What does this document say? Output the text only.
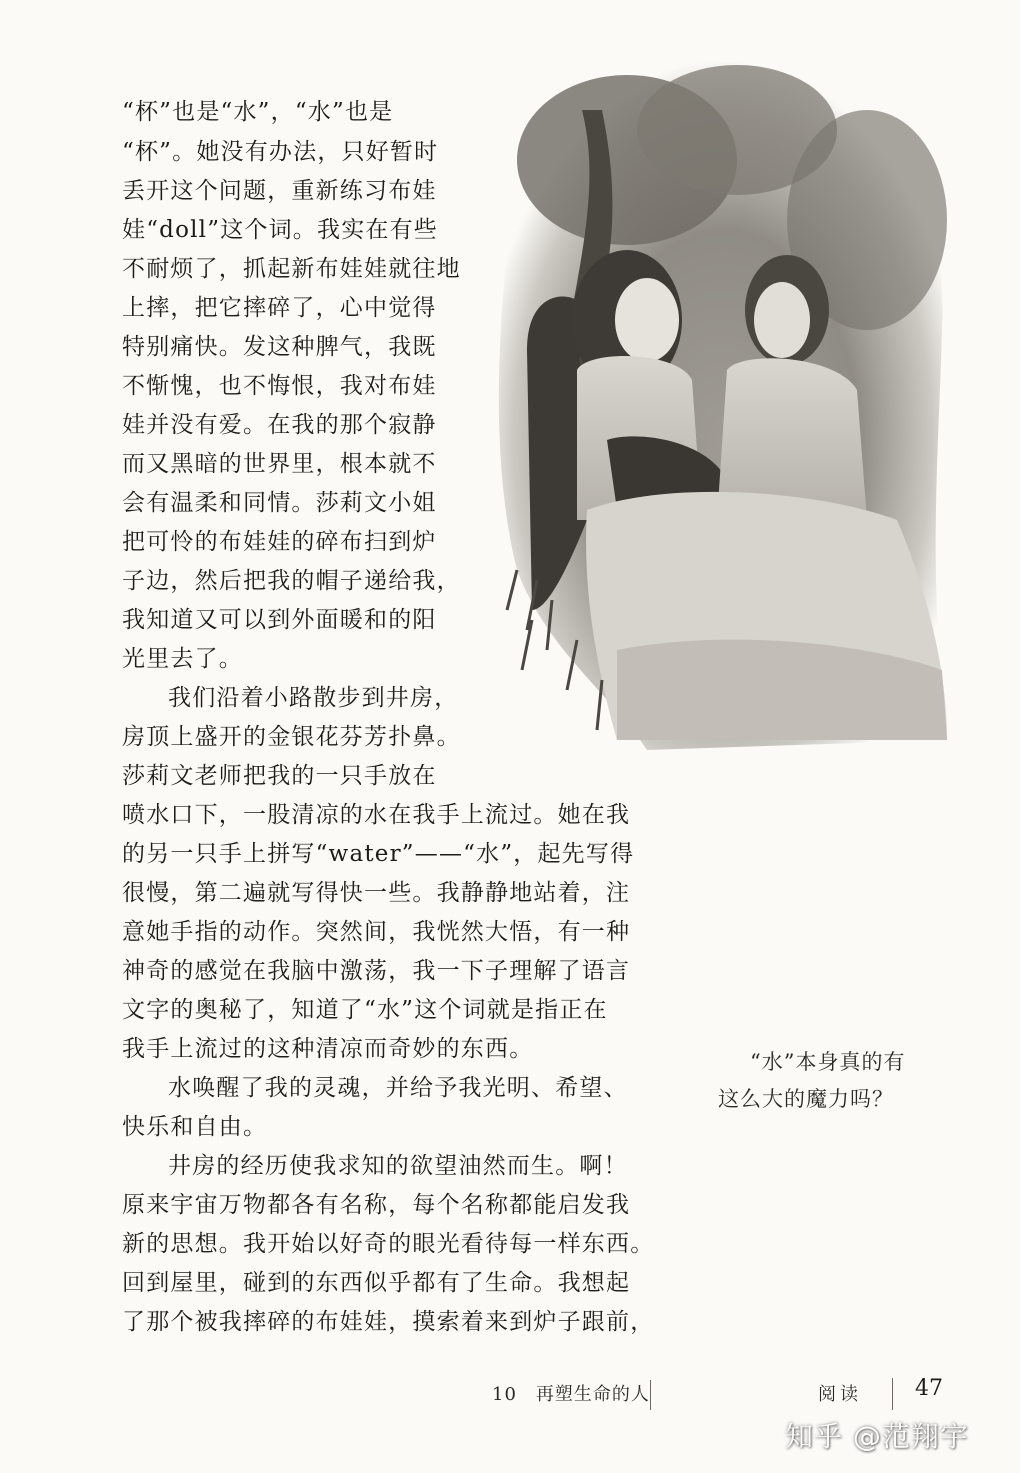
“杯”也是“水”，“水”也是
“杯”。她没有办法，只好暂时
丢开这个问题，重新练习布娃
娃“doll”这个词。我实在有些
不耐烦了，抓起新布娃娃就往地
上摔，把它摔碎了，心中觉得
特别痛快。发这种脾气，我既
不惭愧，也不悔恨，我对布娃
娃并没有爱。在我的那个寂静
而又黑暗的世界里，根本就不
会有温柔和同情。莎莉文小姐
把可怜的布娃娃的碎布扫到炉
子边，然后把我的帽子递给我，
我知道又可以到外面暖和的阳
光里去了。
我们沿着小路散步到井房，
房顶上盛开的金银花芬芳扑鼻。
莎莉文老师把我的一只手放在
喷水口下，一股清凉的水在我手上流过。她在我
的另一只手上拼写“water”——“水”，起先写得
很慢，第二遍就写得快一些。我静静地站着，注
意她手指的动作。突然间，我恍然大悟，有一种
神奇的感觉在我脑中激荡，我一下子理解了语言
文字的奥秘了，知道了“水”这个词就是指正在
我手上流过的这种清凉而奇妙的东西。
水唤醒了我的灵魂，并给予我光明、希望、
快乐和自由。
井房的经历使我求知的欲望油然而生。啊！
原来宇宙万物都各有名称，每个名称都能启发我
新的思想。我开始以好奇的眼光看待每一样东西。
回到屋里，碰到的东西似乎都有了生命。我想起
了那个被我摔碎的布娃娃，摸索着来到炉子跟前，
“水”本身真的有
这么大的魔力吗？
10　再塑生命的人	阅读 47
知乎 @范翔宇
